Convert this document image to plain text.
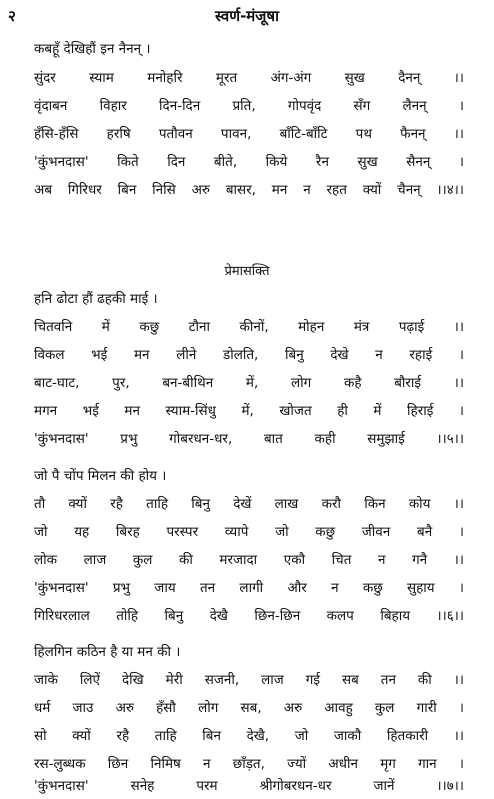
२	स्वर्ण-मंजूषा
कबहूँ देखिहौं इन नैनन्‌ ।
सुंदर स्याम मनोहरि मूरत अंग-अंग सुख दैनन्‌ ।।
वृंदाबन विहार दिन-दिन प्रति, गोपवृंद सँग लैनन्‌ ।
हँसि-हँसि हरषि पतौवन पावन, बाँटि-बाँटि पथ फैनन्‌ ।।
'कुंभनदास' किते दिन बीते, किये रैन सुख सैनन्‌ ।
अब गिरिधर बिन निसि अरु बासर, मन न रहत क्यों चैनन्‌ ।।४।।
प्रेमासक्ति
हनि ढोटा हौं ढहकी माई ।
चितवनि में कछु टौना कीनों, मोहन मंत्र पढ़ाई ।।
विकल भई मन लीने डोलति, बिनु देखे न रहाई ।
बाट-घाट, पुर, बन-बीथिन में, लोग कहै बौराई ।।
मगन भई मन स्याम-सिंधु में, खोजत ही में हिराई ।
'कुंभनदास' प्रभु गोबरधन-धर, बात कही समुझाई ।।५।।
जो पै चोंप मिलन की होय ।
तौ क्यों रहै ताहि बिनु देखें लाख करौ किन कोय ।।
जो यह बिरह परस्पर व्यापे जो कछु जीवन बनै ।
लोक लाज कुल की मरजादा एकौ चित न गनै ।।
'कुंभनदास' प्रभु जाय तन लागी और न कछु सुहाय ।
गिरिधरलाल तोहि बिनु देखै छिन-छिन कलप बिहाय ।।६।।
हिलगिन कठिन है या मन की ।
जाके लिऐं देखि मेरी सजनी, लाज गई सब तन की ।।
धर्म जाउ अरु हँसौ लोग सब, अरु आवहु कुल गारी ।
सो क्यों रहै ताहि बिन देखै, जो जाकौ हितकारी ।।
रस-लुब्धक छिन निमिष न छाँड़त, ज्यों अधीन मृग गान ।
'कुंभनदास' सनेह परम श्रीगोबरधन-धर जानें ।।७।।
